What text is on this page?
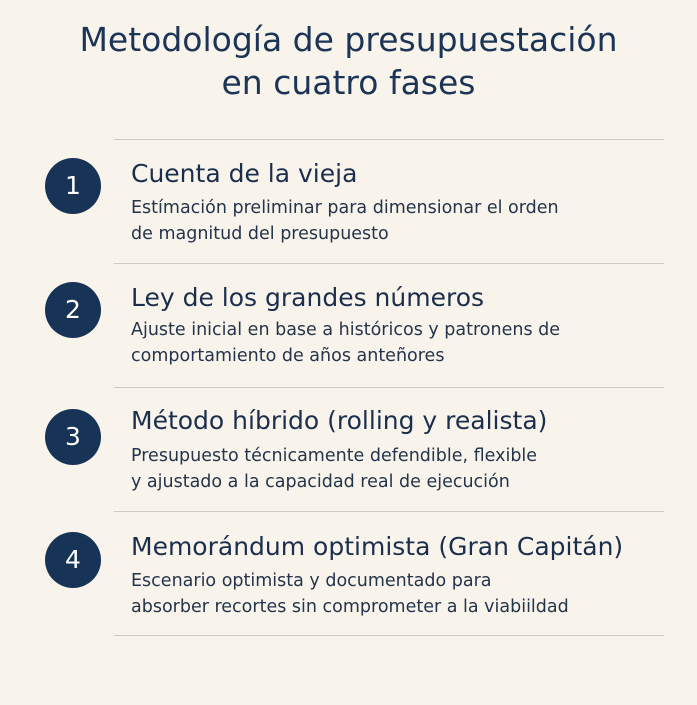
Metodología de presupuestación
en cuatro fases
1	Cuenta de la vieja
Estímación preliminar para dimensionar el orden
de magnitud del presupuesto
2	Ley de los grandes números
Ajuste inicial en base a históricos y patronens de
comportamiento de años anteñores
3
Método híbrido (rolling y realista)
Presupuesto técnicamente defendible, flexible
y ajustado a la capacidad real de ejecución
4	Memorándum optimista (Gran Capitán)
Escenario optimista y documentado para
absorber recortes sin comprometer a la viabiildad
